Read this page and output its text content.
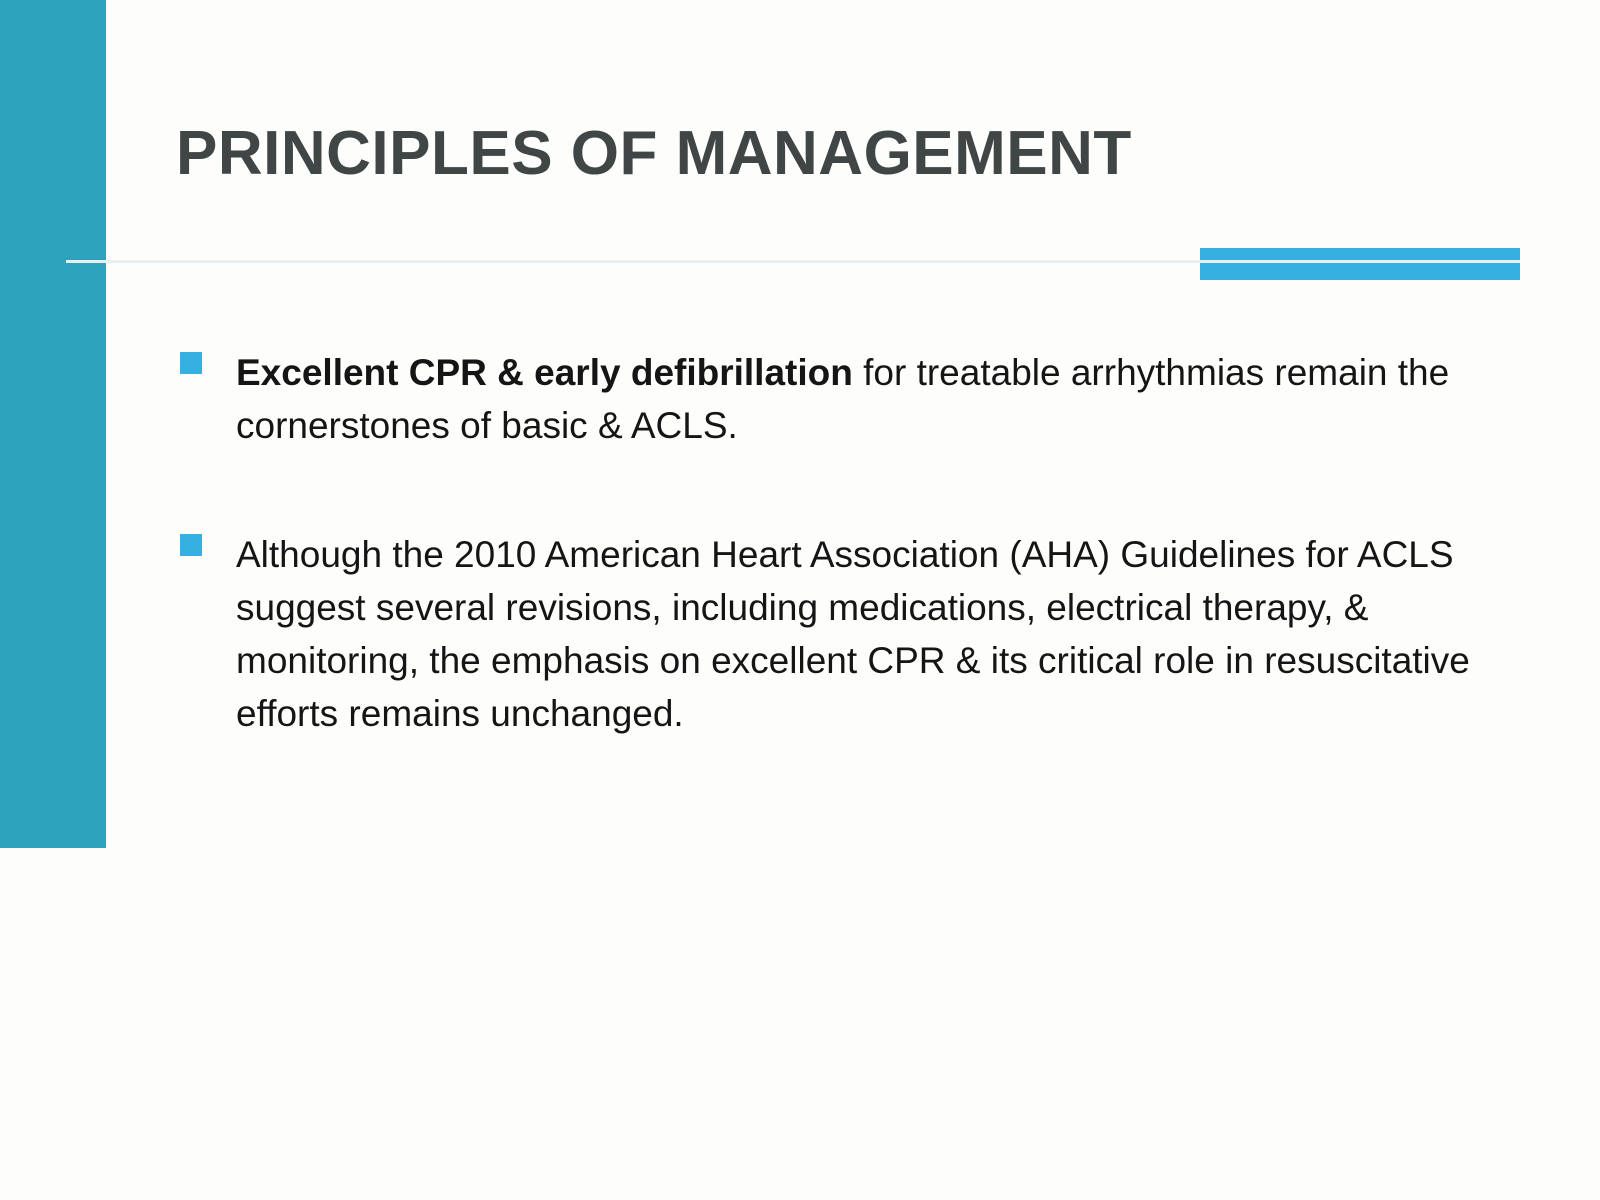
PRINCIPLES OF MANAGEMENT
Excellent CPR & early defibrillation for treatable arrhythmias remain the cornerstones of basic & ACLS.
Although the 2010 American Heart Association (AHA) Guidelines for ACLS suggest several revisions, including medications, electrical therapy, & monitoring, the emphasis on excellent CPR & its critical role in resuscitative efforts remains unchanged.
